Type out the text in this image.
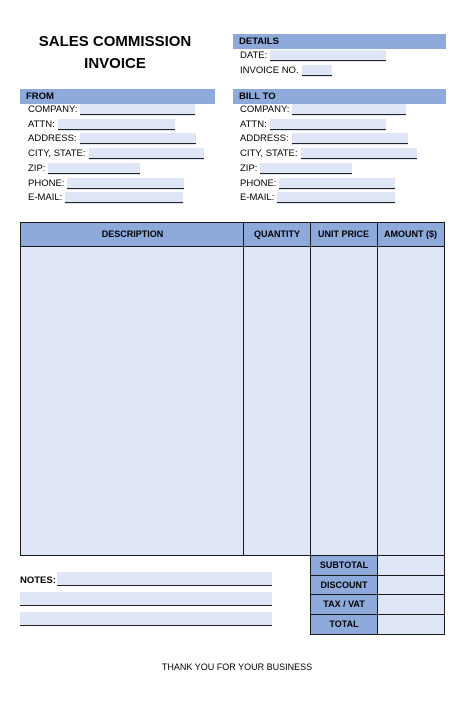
SALES COMMISSION
INVOICE
DETAILS
DATE:
INVOICE NO.
FROM
COMPANY:
ATTN:
ADDRESS:
CITY, STATE:
ZIP:
PHONE:
E-MAIL:
BILL TO
COMPANY:
ATTN:
ADDRESS:
CITY, STATE:
ZIP:
PHONE:
E-MAIL:
DESCRIPTION	QUANTITY	UNIT PRICE	AMOUNT ($)
SUBTOTAL
DISCOUNT
TAX / VAT
TOTAL
NOTES:
THANK YOU FOR YOUR BUSINESS
